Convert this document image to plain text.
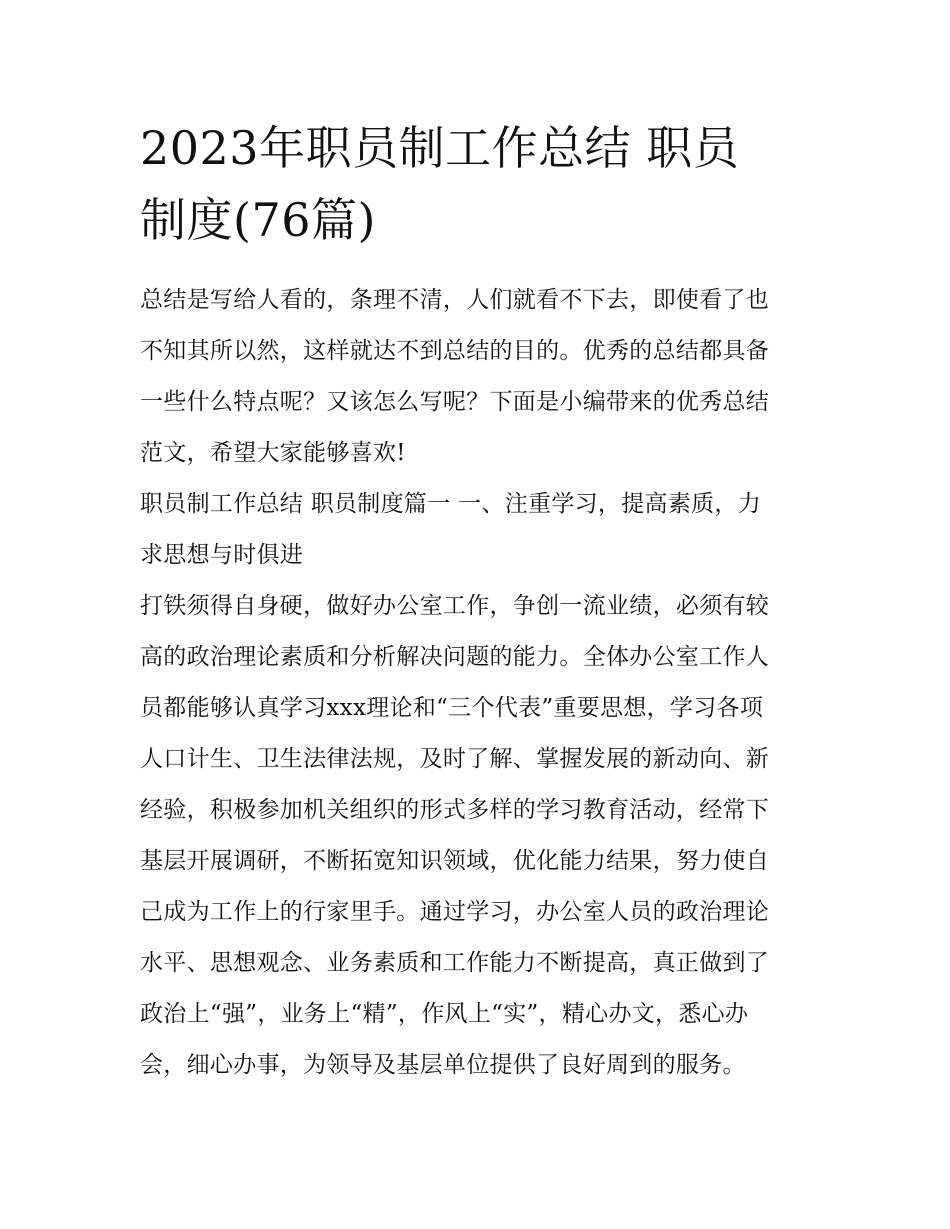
2023年职员制工作总结 职员
制度(76篇)
总结是写给人看的，条理不清，人们就看不下去，即使看了也
不知其所以然，这样就达不到总结的目的。优秀的总结都具备
一些什么特点呢？又该怎么写呢？下面是小编带来的优秀总结
范文，希望大家能够喜欢!
职员制工作总结 职员制度篇一 一、注重学习，提高素质，力
求思想与时俱进
打铁须得自身硬，做好办公室工作，争创一流业绩，必须有较
高的政治理论素质和分析解决问题的能力。全体办公室工作人
员都能够认真学习xxx理论和“三个代表”重要思想，学习各项
人口计生、卫生法律法规，及时了解、掌握发展的新动向、新
经验，积极参加机关组织的形式多样的学习教育活动，经常下
基层开展调研，不断拓宽知识领域，优化能力结果，努力使自
己成为工作上的行家里手。通过学习，办公室人员的政治理论
水平、思想观念、业务素质和工作能力不断提高，真正做到了
政治上“强”，业务上“精”，作风上“实”，精心办文，悉心办
会，细心办事，为领导及基层单位提供了良好周到的服务。
